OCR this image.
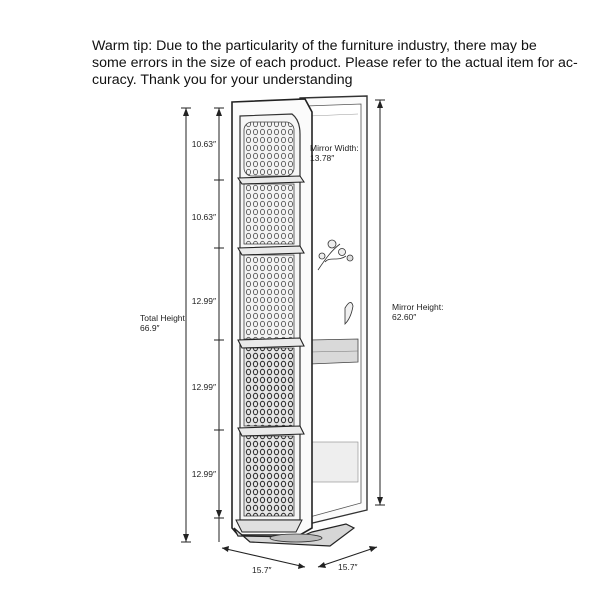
Warm tip: Due to the particularity of the furniture industry, there may be
some errors in the size of each product. Please refer to the actual item for ac-
curacy. Thank you for your understanding
10.63″
10.63″
12.99″
12.99″
12.99″
Total Height:
66.9″
Mirror Width:
13.78″
Mirror Height:
62.60″
15.7″	15.7″
